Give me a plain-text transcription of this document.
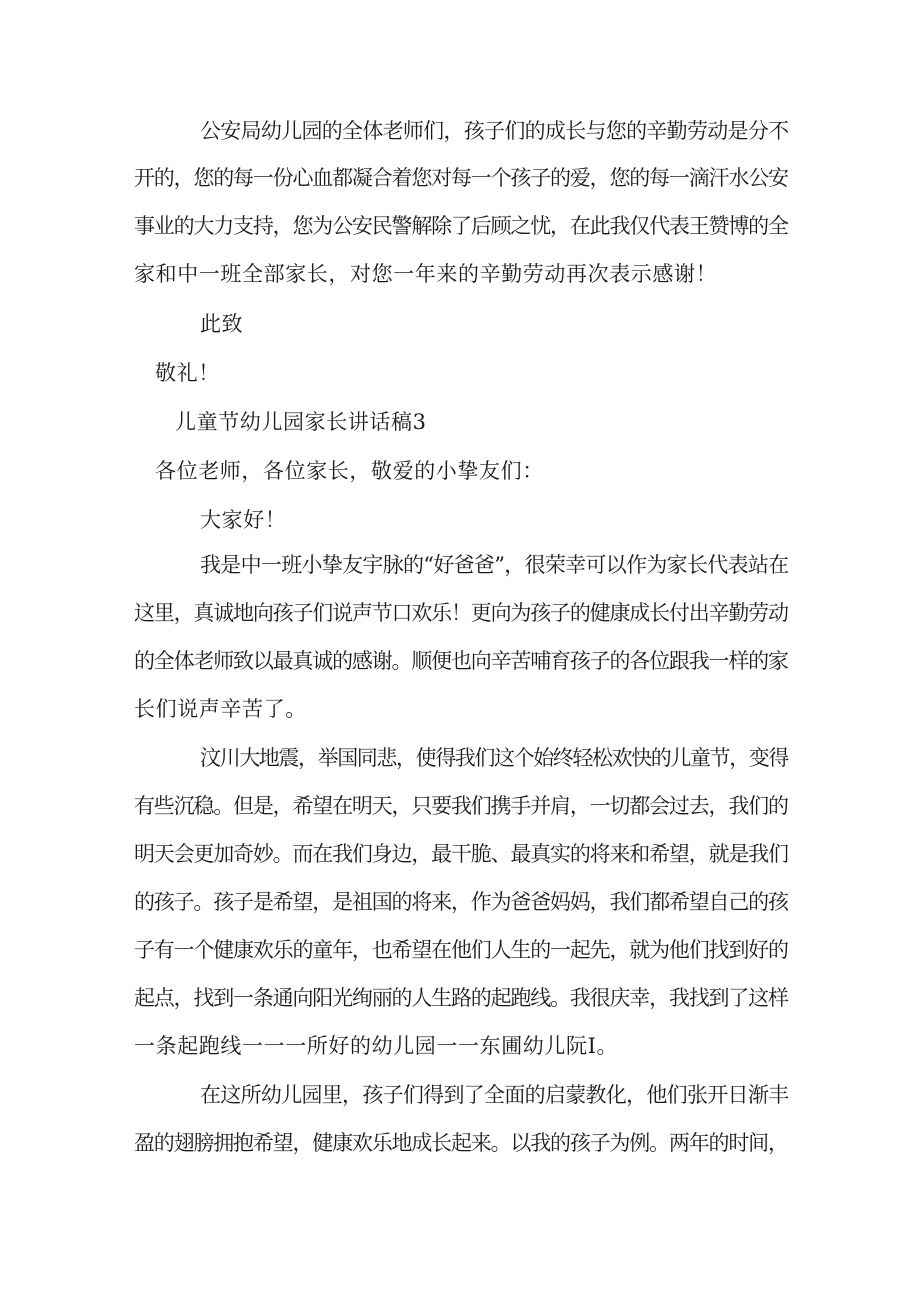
公安局幼儿园的全体老师们，孩子们的成长与您的辛勤劳动是分不
开的，您的每一份心血都凝合着您对每一个孩子的爱，您的每一滴汗水公安
事业的大力支持，您为公安民警解除了后顾之忧，在此我仅代表王赞博的全
家和中一班全部家长，对您一年来的辛勤劳动再次表示感谢！
此致
敬礼！
儿童节幼儿园家长讲话稿3
各位老师，各位家长，敬爱的小挚友们：
大家好！
我是中一班小挚友宇脉的“好爸爸”，很荣幸可以作为家长代表站在
这里，真诚地向孩子们说声节口欢乐！更向为孩子的健康成长付出辛勤劳动
的全体老师致以最真诚的感谢。顺便也向辛苦哺育孩子的各位跟我一样的家
长们说声辛苦了。
汶川大地震，举国同悲，使得我们这个始终轻松欢快的儿童节，变得
有些沉稳。但是，希望在明天，只要我们携手并肩，一切都会过去，我们的
明天会更加奇妙。而在我们身边，最干脆、最真实的将来和希望，就是我们
的孩子。孩子是希望，是祖国的将来，作为爸爸妈妈，我们都希望自己的孩
子有一个健康欢乐的童年，也希望在他们人生的一起先，就为他们找到好的
起点，找到一条通向阳光绚丽的人生路的起跑线。我很庆幸，我找到了这样
一条起跑线一一一所好的幼儿园一一东圃幼儿阮I。
在这所幼儿园里，孩子们得到了全面的启蒙教化，他们张开日渐丰
盈的翅膀拥抱希望，健康欢乐地成长起来。以我的孩子为例。两年的时间，
